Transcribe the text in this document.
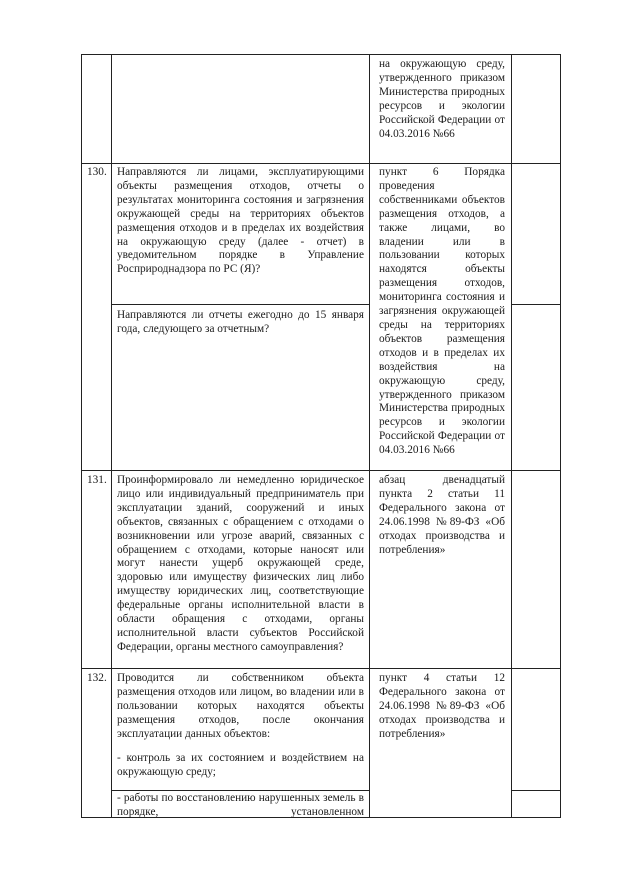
на окружающую среду, утвержденного приказом Министерства природных ресурсов и экологии Российской Федерации от 04.03.2016 №66
130. Направляются ли лицами, эксплуатирующими объекты размещения отходов, отчеты о результатах мониторинга состояния и загрязнения окружающей среды на территориях объектов размещения отходов и в пределах их воздействия на окружающую среду (далее - отчет) в уведомительном порядке в Управление Росприроднадзора по РС (Я)?
Направляются ли отчеты ежегодно до 15 января года, следующего за отчетным?
пункт 6 Порядка проведения собственниками объектов размещения отходов, а также лицами, во владении или в пользовании которых находятся объекты размещения отходов, мониторинга состояния и загрязнения окружающей среды на территориях объектов размещения отходов и в пределах их воздействия на окружающую среду, утвержденного приказом Министерства природных ресурсов и экологии Российской Федерации от 04.03.2016 №66
131. Проинформировало ли немедленно юридическое лицо или индивидуальный предприниматель при эксплуатации зданий, сооружений и иных объектов, связанных с обращением с отходами о возникновении или угрозе аварий, связанных с обращением с отходами, которые наносят или могут нанести ущерб окружающей среде, здоровью или имуществу физических лиц либо имуществу юридических лиц, соответствующие федеральные органы исполнительной власти в области обращения с отходами, органы исполнительной власти субъектов Российской Федерации, органы местного самоуправления?
абзац двенадцатый пункта 2 статьи 11 Федерального закона от 24.06.1998 №89-ФЗ «Об отходах производства и потребления»
132. Проводится ли собственником объекта размещения отходов или лицом, во владении или в пользовании которых находятся объекты размещения отходов, после окончания эксплуатации данных объектов:
- контроль за их состоянием и воздействием на окружающую среду;
- работы по восстановлению нарушенных земель в порядке, установленном
пункт 4 статьи 12 Федерального закона от 24.06.1998 №89-ФЗ «Об отходах производства и потребления»
